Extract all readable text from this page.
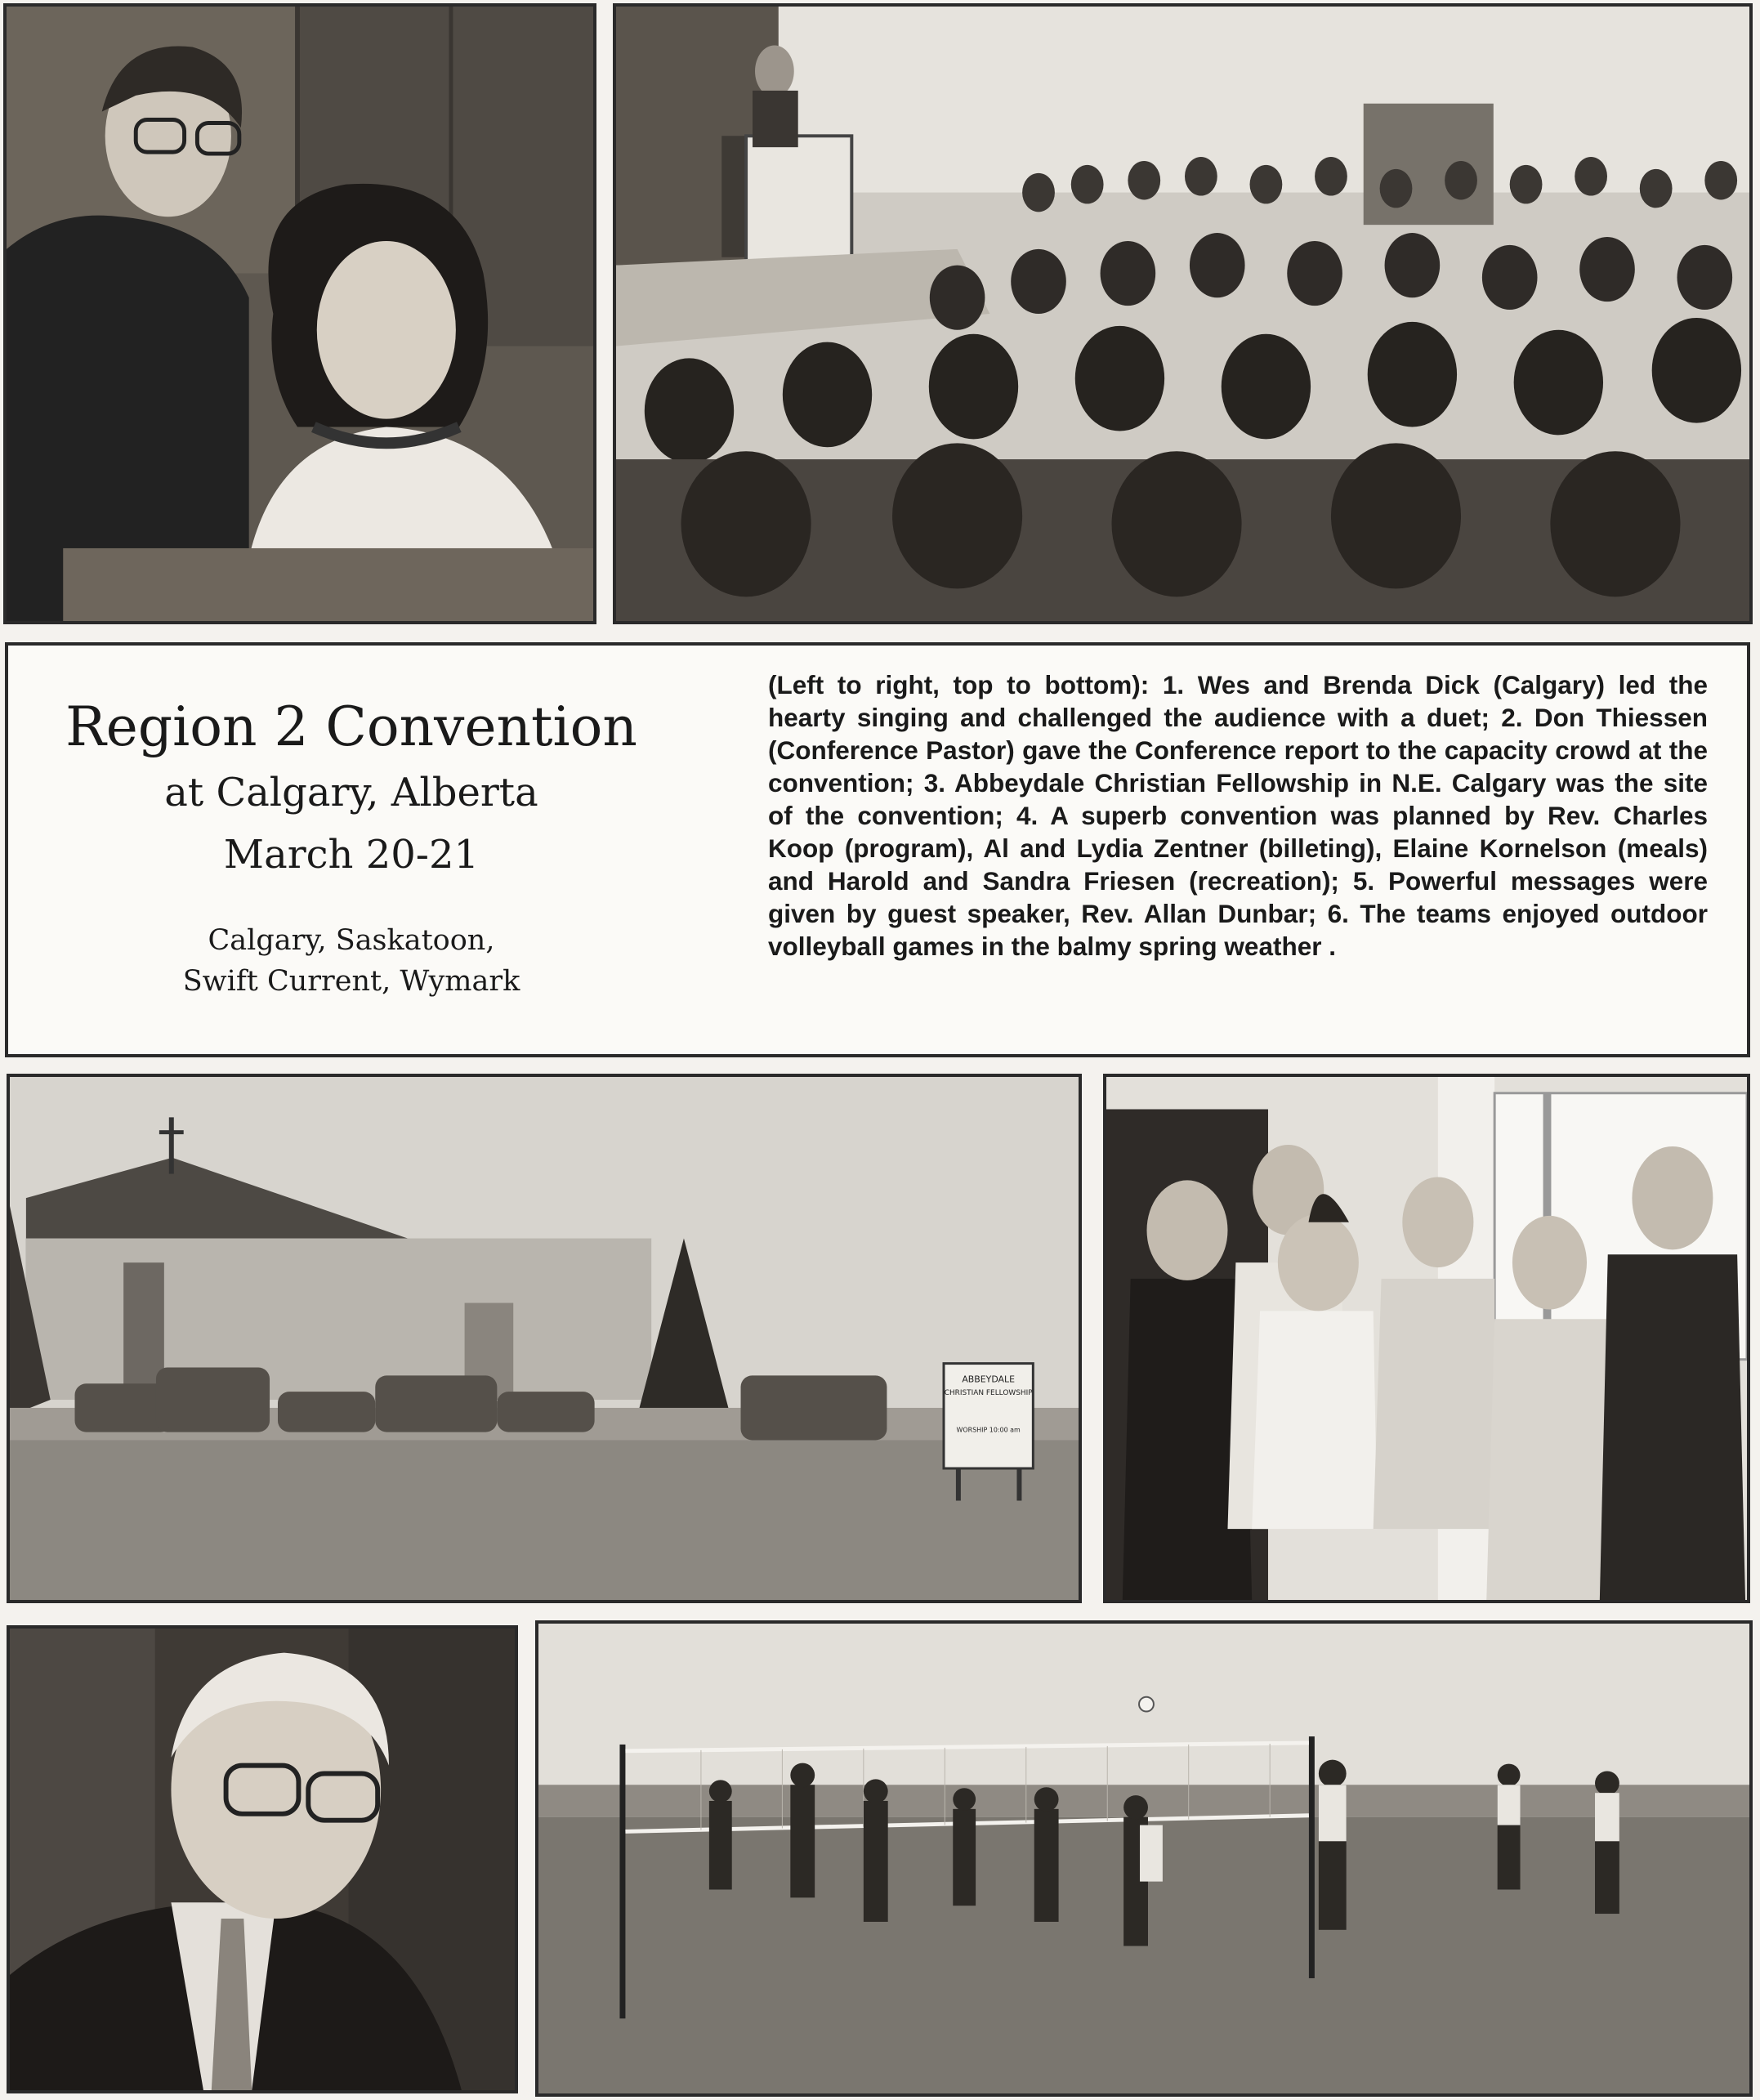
Region 2 Convention

at Calgary, Alberta

March 20-21

Calgary, Saskatoon,

Swift Current, Wymark

(Left to right, top to bottom): 1. Wes and Brenda Dick (Calgary) led the hearty singing and challenged the audience with a duet; 2. Don Thiessen (Conference Pastor) gave the Conference report to the capacity crowd at the convention; 3. Abbeydale Christian Fellowship in N.E. Calgary was the site of the convention; 4. A superb convention was planned by Rev. Charles Koop (program), Al and Lydia Zentner (billeting), Elaine Kornelson (meals) and Harold and Sandra Friesen (recreation); 5. Powerful messages were given by guest speaker, Rev. Allan Dunbar; 6. The teams enjoyed outdoor volleyball games in the balmy spring weather .

ABBEYDALE
CHRISTIAN FELLOWSHIP
WORSHIP 10:00 am
